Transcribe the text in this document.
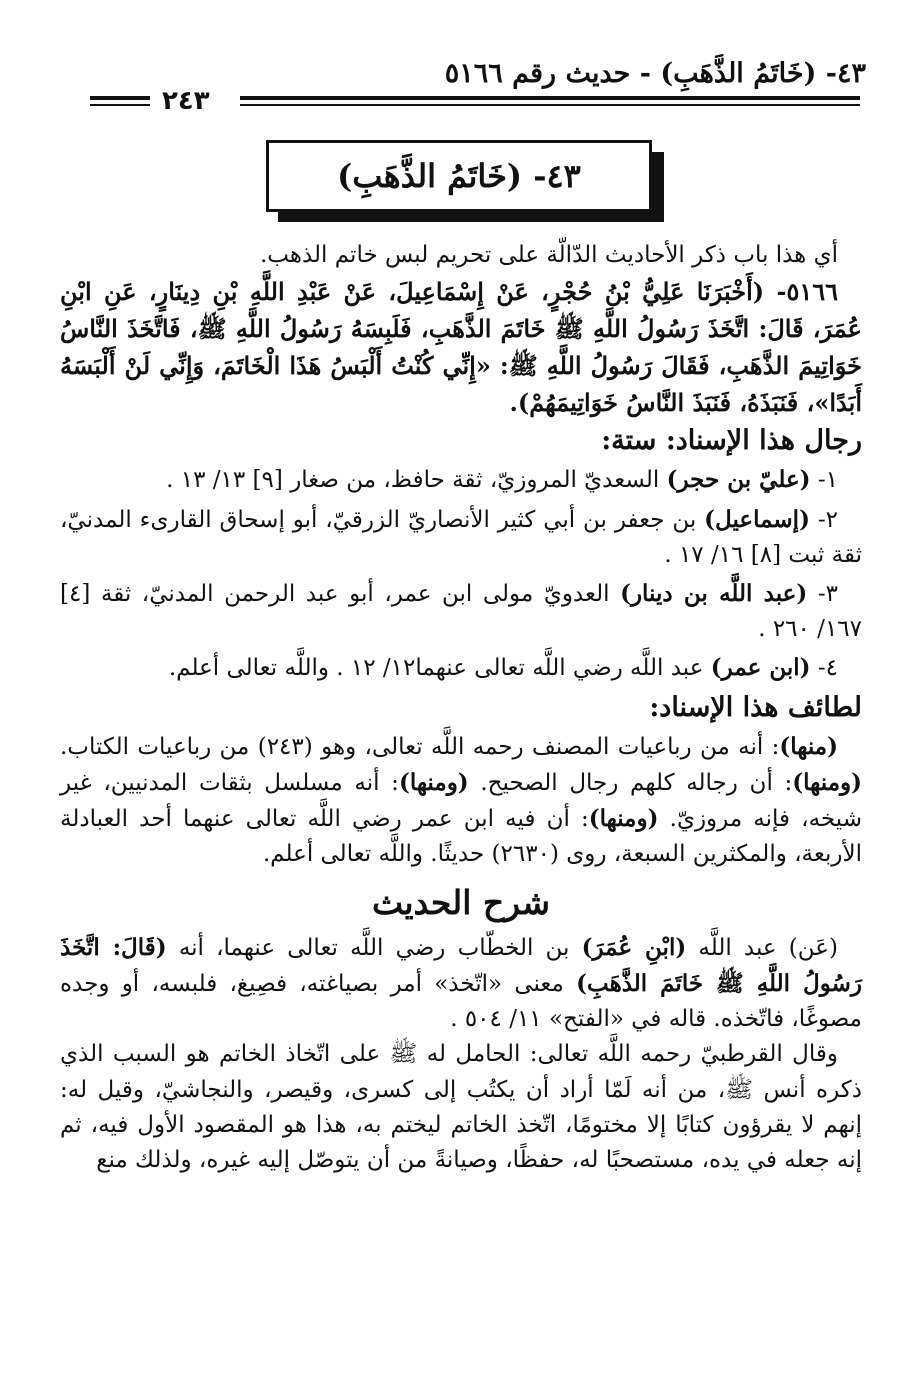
٤٣- (خَاتَمُ الذَّهَبِ) - حديث رقم ٥١٦٦
٢٤٣
٤٣- (خَاتَمُ الذَّهَبِ)

أي هذا باب ذكر الأحاديث الدّالّة على تحريم لبس خاتم الذهب.

٥١٦٦- (أَخْبَرَنَا عَلِيُّ بْنُ حُجْرٍ، عَنْ إِسْمَاعِيلَ، عَنْ عَبْدِ اللَّهِ بْنِ دِينَارٍ، عَنِ ابْنِ عُمَرَ، قَالَ: اتَّخَذَ رَسُولُ اللَّهِ ﷺ خَاتَمَ الذَّهَبِ، فَلَبِسَهُ رَسُولُ اللَّهِ ﷺ، فَاتَّخَذَ النَّاسُ خَوَاتِيمَ الذَّهَبِ، فَقَالَ رَسُولُ اللَّهِ ﷺ: «إِنِّي كُنْتُ أَلْبَسُ هَذَا الْخَاتَمَ، وَإِنِّي لَنْ أَلْبَسَهُ أَبَدًا»، فَنَبَذَهُ، فَنَبَذَ النَّاسُ خَوَاتِيمَهُمْ).

رجال هذا الإسناد: ستة:

١- (عليّ بن حجر) السعديّ المروزيّ، ثقة حافظ، من صغار [٩] ١٣/ ١٣ .

٢- (إسماعيل) بن جعفر بن أبي كثير الأنصاريّ الزرقيّ، أبو إسحاق القارىء المدنيّ، ثقة ثبت [٨] ١٦/ ١٧ .

٣- (عبد اللَّه بن دينار) العدويّ مولى ابن عمر، أبو عبد الرحمن المدنيّ، ثقة [٤] ١٦٧/ ٢٦٠ .

٤- (ابن عمر) عبد اللَّه رضي اللَّه تعالى عنهما١٢/ ١٢ . واللَّه تعالى أعلم.

لطائف هذا الإسناد:

(منها): أنه من رباعيات المصنف رحمه اللَّه تعالى، وهو (٢٤٣) من رباعيات الكتاب. (ومنها): أن رجاله كلهم رجال الصحيح. (ومنها): أنه مسلسل بثقات المدنيين، غير شيخه، فإنه مروزيّ. (ومنها): أن فيه ابن عمر رضي اللَّه تعالى عنهما أحد العبادلة الأربعة، والمكثرين السبعة، روى (٢٦٣٠) حديثًا. واللَّه تعالى أعلم.

شرح الحديث

(عَن) عبد اللَّه (ابْنِ عُمَرَ) بن الخطّاب رضي اللَّه تعالى عنهما، أنه (قَالَ: اتَّخَذَ رَسُولُ اللَّهِ ﷺ خَاتَمَ الذَّهَبِ) معنى «اتّخذ» أمر بصياغته، فصِيغ، فلبسه، أو وجده مصوغًا، فاتّخذه. قاله في «الفتح» ١١/ ٥٠٤ .

وقال القرطبيّ رحمه اللَّه تعالى: الحامل له ﷺ على اتّخاذ الخاتم هو السبب الذي ذكره أنس ﷺ، من أنه لَمّا أراد أن يكتُب إلى كسرى، وقيصر، والنجاشيّ، وقيل له: إنهم لا يقرؤون كتابًا إلا مختومًا، اتّخذ الخاتم ليختم به، هذا هو المقصود الأول فيه، ثم إنه جعله في يده، مستصحبًا له، حفظًا، وصيانةً من أن يتوصّل إليه غيره، ولذلك منع
